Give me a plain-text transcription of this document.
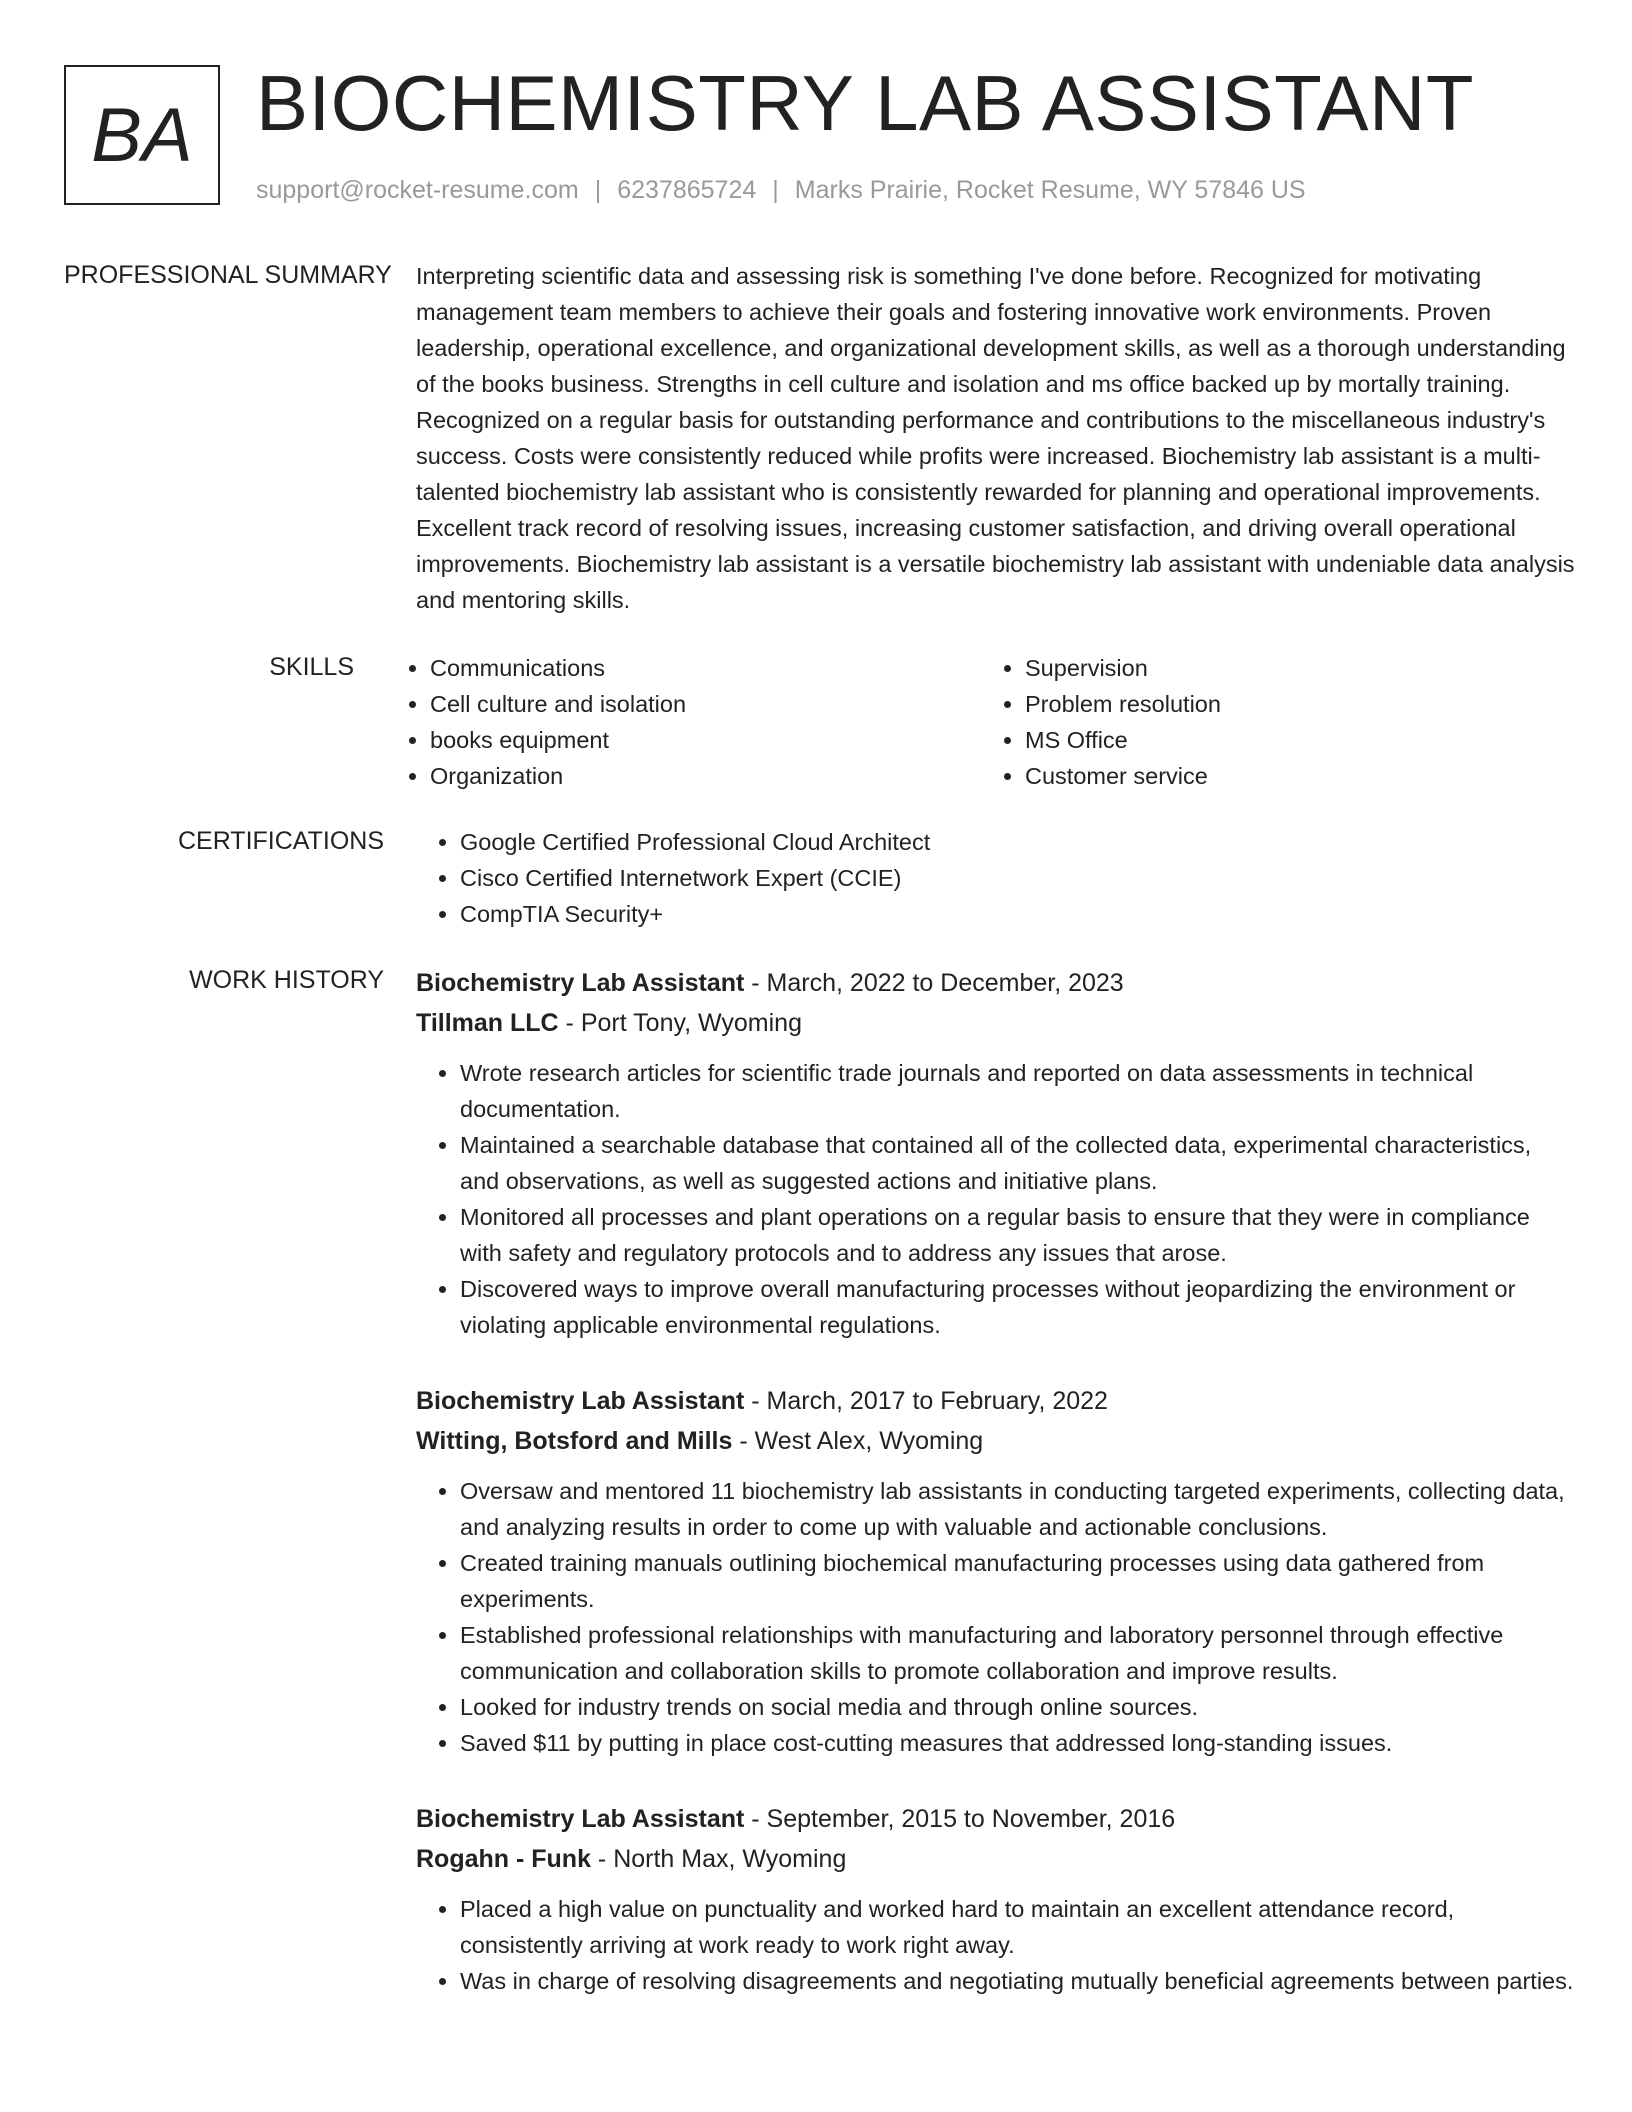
BA BIOCHEMISTRY LAB ASSISTANT
support@rocket-resume.com | 6237865724 | Marks Prairie, Rocket Resume, WY 57846 US
PROFESSIONAL SUMMARY	Interpreting scientific data and assessing risk is something I've done before. Recognized for motivating management team members to achieve their goals and fostering innovative work environments. Proven leadership, operational excellence, and organizational development skills, as well as a thorough understanding of the books business. Strengths in cell culture and isolation and ms office backed up by mortally training. Recognized on a regular basis for outstanding performance and contributions to the miscellaneous industry's success. Costs were consistently reduced while profits were increased. Biochemistry lab assistant is a multi-talented biochemistry lab assistant who is consistently rewarded for planning and operational improvements. Excellent track record of resolving issues, increasing customer satisfaction, and driving overall operational improvements. Biochemistry lab assistant is a versatile biochemistry lab assistant with undeniable data analysis and mentoring skills.

SKILLS	• Communications
• Cell culture and isolation
• books equipment
• Organization
• Supervision
• Problem resolution
• MS Office
• Customer service
CERTIFICATIONS	• Google Certified Professional Cloud Architect
• Cisco Certified Internetwork Expert (CCIE)
• CompTIA Security+
WORK HISTORY	Biochemistry Lab Assistant - March, 2022 to December, 2023
Tillman LLC - Port Tony, Wyoming
• Wrote research articles for scientific trade journals and reported on data assessments in technical documentation.
• Maintained a searchable database that contained all of the collected data, experimental characteristics, and observations, as well as suggested actions and initiative plans.
• Monitored all processes and plant operations on a regular basis to ensure that they were in compliance with safety and regulatory protocols and to address any issues that arose.
• Discovered ways to improve overall manufacturing processes without jeopardizing the environment or violating applicable environmental regulations.
Biochemistry Lab Assistant - March, 2017 to February, 2022
Witting, Botsford and Mills - West Alex, Wyoming
• Oversaw and mentored 11 biochemistry lab assistants in conducting targeted experiments, collecting data, and analyzing results in order to come up with valuable and actionable conclusions.
• Created training manuals outlining biochemical manufacturing processes using data gathered from experiments.
• Established professional relationships with manufacturing and laboratory personnel through effective communication and collaboration skills to promote collaboration and improve results.
• Looked for industry trends on social media and through online sources.
• Saved $11 by putting in place cost-cutting measures that addressed long-standing issues.
Biochemistry Lab Assistant - September, 2015 to November, 2016
Rogahn - Funk - North Max, Wyoming
• Placed a high value on punctuality and worked hard to maintain an excellent attendance record, consistently arriving at work ready to work right away.
• Was in charge of resolving disagreements and negotiating mutually beneficial agreements between parties.
